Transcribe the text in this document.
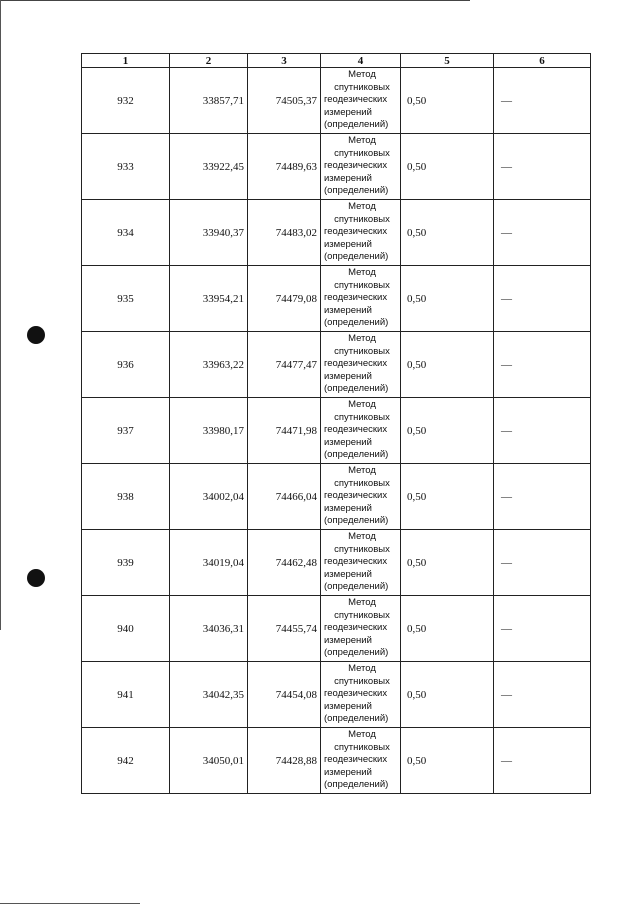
1	2	3	4	5	6
932	33857,71	74505,37	Метод
спутниковых
геодезических
измерений
(определений)	0,50	—
933	33922,45	74489,63	Метод
спутниковых
геодезических
измерений
(определений)	0,50	—
934	33940,37	74483,02	Метод
спутниковых
геодезических
измерений
(определений)	0,50	—
935	33954,21	74479,08	Метод
спутниковых
геодезических
измерений
(определений)	0,50	—
936	33963,22	74477,47	Метод
спутниковых
геодезических
измерений
(определений)	0,50	—
937	33980,17	74471,98	Метод
спутниковых
геодезических
измерений
(определений)	0,50	—
938	34002,04	74466,04	Метод
спутниковых
геодезических
измерений
(определений)	0,50	—
939	34019,04	74462,48	Метод
спутниковых
геодезических
измерений
(определений)	0,50	—
940	34036,31	74455,74	Метод
спутниковых
геодезических
измерений
(определений)	0,50	—
941	34042,35	74454,08	Метод
спутниковых
геодезических
измерений
(определений)	0,50	—
942	34050,01	74428,88	Метод
спутниковых
геодезических
измерений
(определений)	0,50	—
